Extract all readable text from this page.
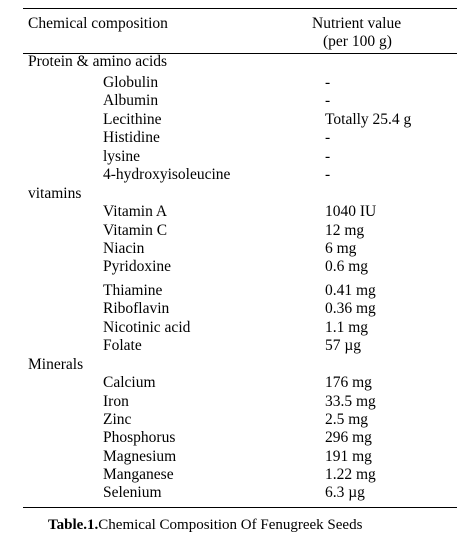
Chemical composition	Nutrient value
(per 100 g)
Protein & amino acids
Globulin	-
Albumin	-
Lecithine	Totally 25.4 g
Histidine	-
lysine	-
4-hydroxyisoleucine	-
vitamins
Vitamin A	1040 IU
Vitamin C	12 mg
Niacin	6 mg
Pyridoxine	0.6 mg
Thiamine	0.41 mg
Riboflavin	0.36 mg
Nicotinic acid	1.1 mg
Folate	57 µg
Minerals
Calcium	176 mg
Iron	33.5 mg
Zinc	2.5 mg
Phosphorus	296 mg
Magnesium	191 mg
Manganese	1.22 mg
Selenium	6.3 µg
Table.1.Chemical Composition Of Fenugreek Seeds
